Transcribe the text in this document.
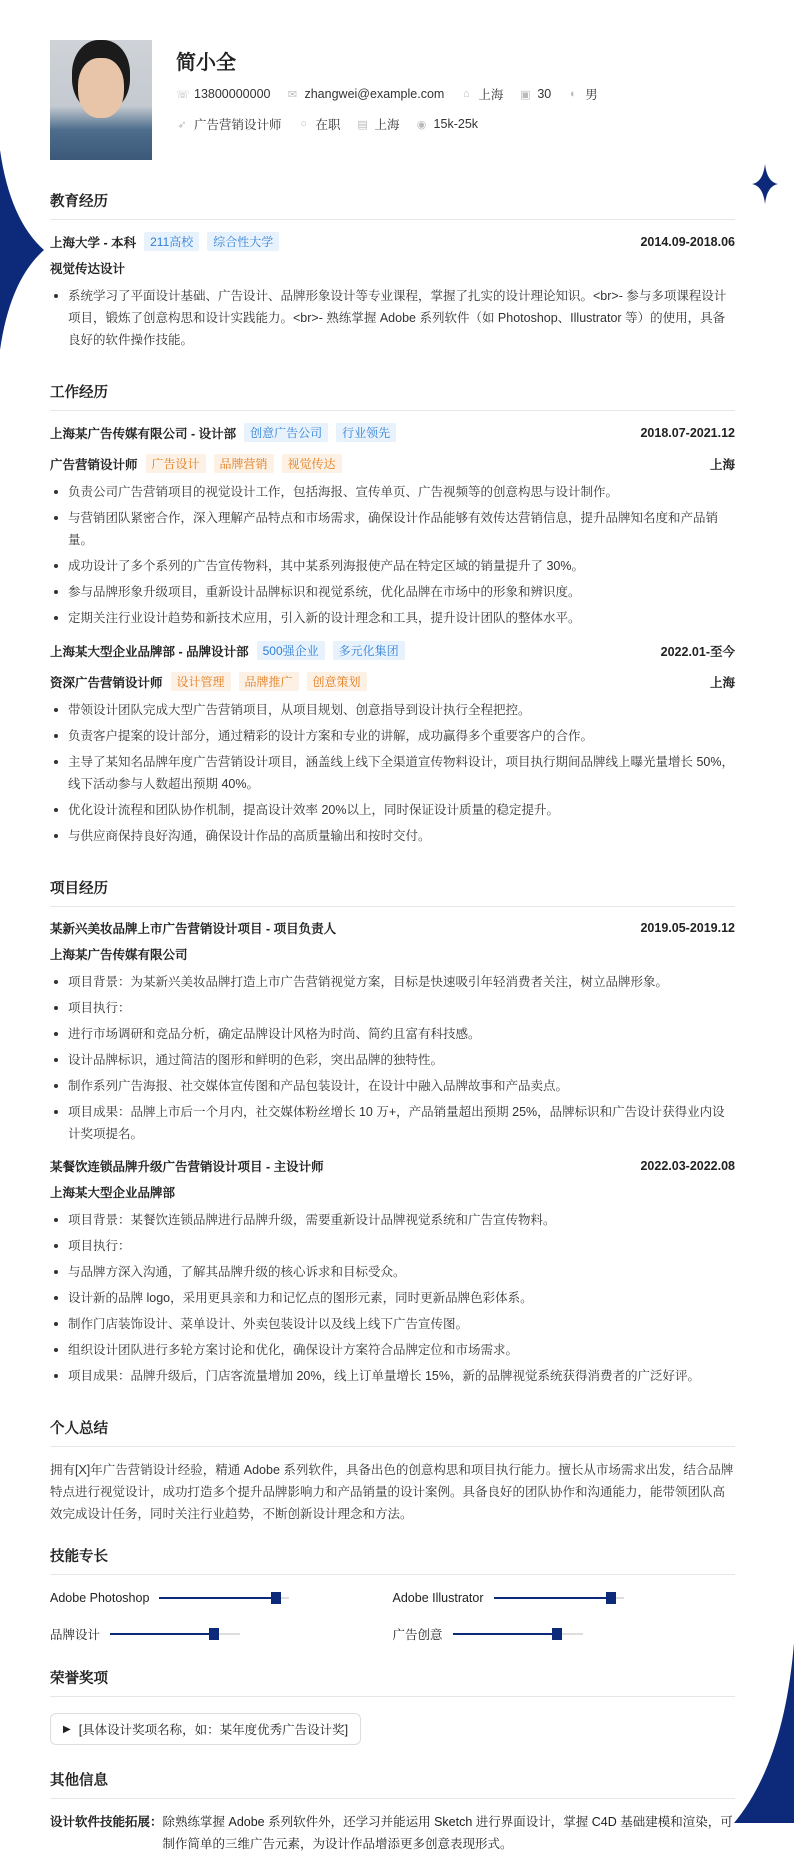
简小全
☏ 13800000000 ✉ zhangwei@example.com ⌂ 上海 ▣ 30 ◐ 男
➶ 广告营销设计师 ○ 在职 ▤ 上海 ◉ 15k-25k
教育经历
上海大学 - 本科	211高校	综合性大学	2014.09-2018.06
视觉传达设计
系统学习了平面设计基础、广告设计、品牌形象设计等专业课程，掌握了扎实的设计理论知识。<br>- 参与多项课程设计项目，锻炼了创意构思和设计实践能力。<br>- 熟练掌握 Adobe 系列软件（如 Photoshop、Illustrator 等）的使用，具备良好的软件操作技能。
工作经历
上海某广告传媒有限公司 - 设计部	创意广告公司	行业领先	2018.07-2021.12
广告营销设计师	广告设计	品牌营销	视觉传达	上海
负责公司广告营销项目的视觉设计工作，包括海报、宣传单页、广告视频等的创意构思与设计制作。
与营销团队紧密合作，深入理解产品特点和市场需求，确保设计作品能够有效传达营销信息，提升品牌知名度和产品销量。
成功设计了多个系列的广告宣传物料，其中某系列海报使产品在特定区域的销量提升了 30%。
参与品牌形象升级项目，重新设计品牌标识和视觉系统，优化品牌在市场中的形象和辨识度。
定期关注行业设计趋势和新技术应用，引入新的设计理念和工具，提升设计团队的整体水平。
上海某大型企业品牌部 - 品牌设计部	500强企业	多元化集团	2022.01-至今
资深广告营销设计师	设计管理	品牌推广	创意策划	上海
带领设计团队完成大型广告营销项目，从项目规划、创意指导到设计执行全程把控。
负责客户提案的设计部分，通过精彩的设计方案和专业的讲解，成功赢得多个重要客户的合作。
主导了某知名品牌年度广告营销设计项目，涵盖线上线下全渠道宣传物料设计，项目执行期间品牌线上曝光量增长 50%，线下活动参与人数超出预期 40%。
优化设计流程和团队协作机制，提高设计效率 20%以上，同时保证设计质量的稳定提升。
与供应商保持良好沟通，确保设计作品的高质量输出和按时交付。
项目经历
某新兴美妆品牌上市广告营销设计项目 - 项目负责人	2019.05-2019.12
上海某广告传媒有限公司
项目背景：为某新兴美妆品牌打造上市广告营销视觉方案，目标是快速吸引年轻消费者关注，树立品牌形象。
项目执行：
进行市场调研和竞品分析，确定品牌设计风格为时尚、简约且富有科技感。
设计品牌标识，通过简洁的图形和鲜明的色彩，突出品牌的独特性。
制作系列广告海报、社交媒体宣传图和产品包装设计，在设计中融入品牌故事和产品卖点。
项目成果：品牌上市后一个月内，社交媒体粉丝增长 10 万+，产品销量超出预期 25%，品牌标识和广告设计获得业内设计奖项提名。
某餐饮连锁品牌升级广告营销设计项目 - 主设计师	2022.03-2022.08
上海某大型企业品牌部
项目背景：某餐饮连锁品牌进行品牌升级，需要重新设计品牌视觉系统和广告宣传物料。
项目执行：
与品牌方深入沟通，了解其品牌升级的核心诉求和目标受众。
设计新的品牌 logo，采用更具亲和力和记忆点的图形元素，同时更新品牌色彩体系。
制作门店装饰设计、菜单设计、外卖包装设计以及线上线下广告宣传图。
组织设计团队进行多轮方案讨论和优化，确保设计方案符合品牌定位和市场需求。
项目成果：品牌升级后，门店客流量增加 20%，线上订单量增长 15%，新的品牌视觉系统获得消费者的广泛好评。
个人总结

拥有[X]年广告营销设计经验，精通 Adobe 系列软件，具备出色的创意构思和项目执行能力。擅长从市场需求出发，结合品牌特点进行视觉设计，成功打造多个提升品牌影响力和产品销量的设计案例。具备良好的团队协作和沟通能力，能带领团队高效完成设计任务，同时关注行业趋势，不断创新设计理念和方法。

技能专长
Adobe Photoshop	Adobe Illustrator
品牌设计	广告创意
荣誉奖项
▶ [具体设计奖项名称，如：某年度优秀广告设计奖]
其他信息
设计软件技能拓展： 除熟练掌握 Adobe 系列软件外，还学习并能运用 Sketch 进行界面设计，掌握 C4D 基础建模和渲染，可制作简单的三维广告元素，为设计作品增添更多创意表现形式。
